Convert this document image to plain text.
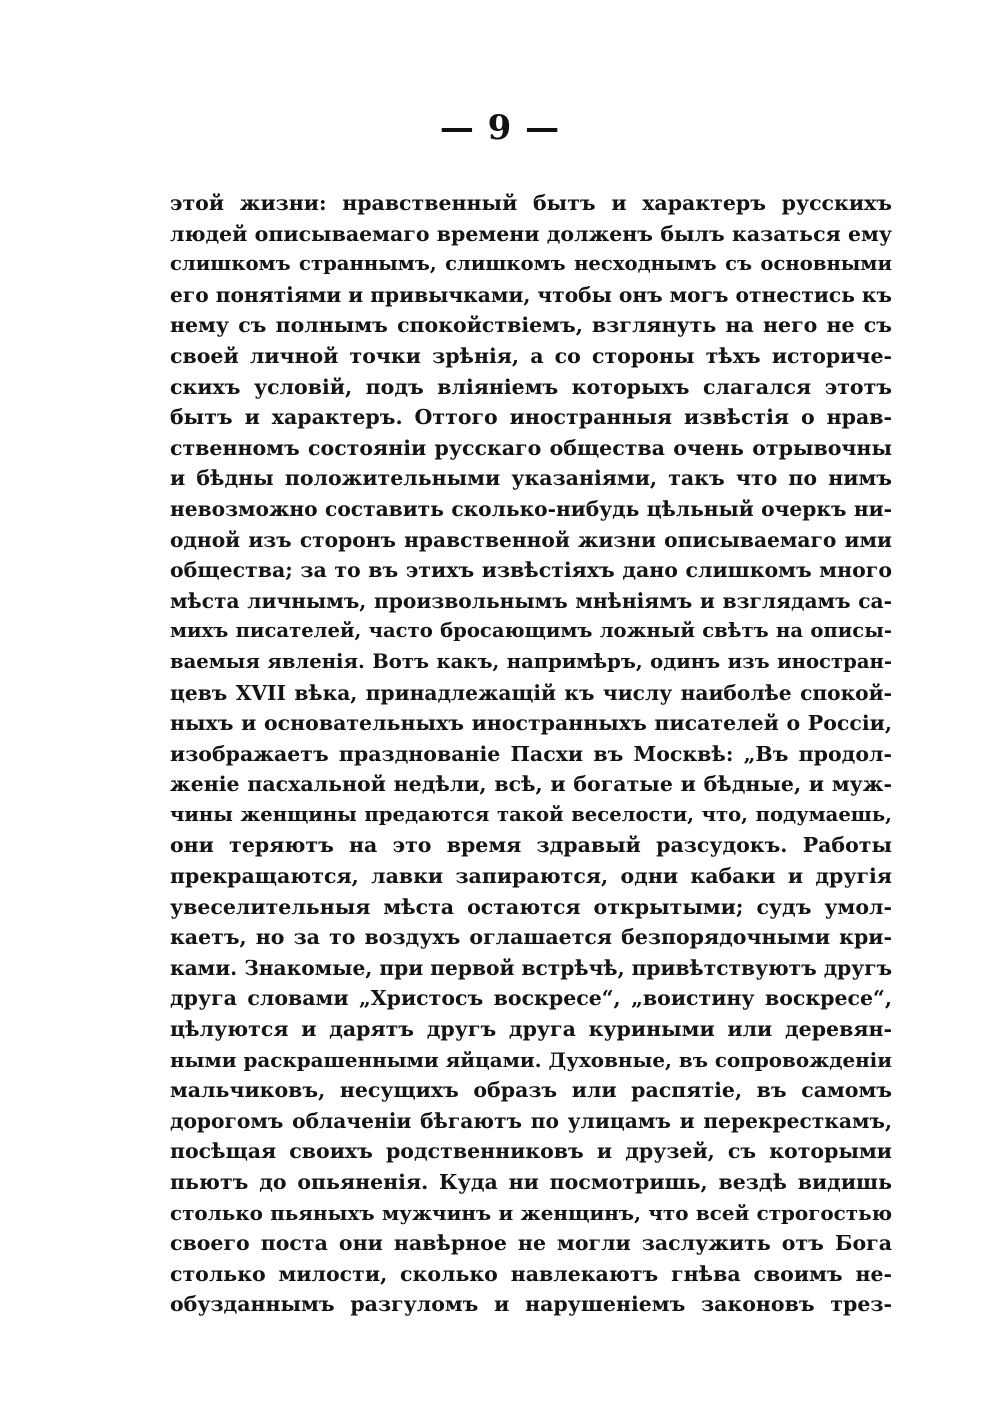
— 9 —
этой жизни: нравственный бытъ и характеръ русскихъ
людей описываемаго времени долженъ былъ казаться ему
слишкомъ страннымъ, слишкомъ несходнымъ съ основными
его понятіями и привычками, чтобы онъ могъ отнестись къ
нему съ полнымъ спокойствіемъ, взглянуть на него не съ
своей личной точки зрѣнія, а со стороны тѣхъ историче-
скихъ условій, подъ вліяніемъ которыхъ слагался этотъ
бытъ и характеръ. Оттого иностранныя извѣстія о нрав-
ственномъ состояніи русскаго общества очень отрывочны
и бѣдны положительными указаніями, такъ что по нимъ
невозможно составить сколько-нибудь цѣльный очеркъ ни-
одной изъ сторонъ нравственной жизни описываемаго ими
общества; за то въ этихъ извѣстіяхъ дано слишкомъ много
мѣста личнымъ, произвольнымъ мнѣніямъ и взглядамъ са-
михъ писателей, часто бросающимъ ложный свѣтъ на описы-
ваемыя явленія. Вотъ какъ, напримѣръ, одинъ изъ иностран-
цевъ XVII вѣка, принадлежащій къ числу наиболѣе спокой-
ныхъ и основательныхъ иностранныхъ писателей о Россіи,
изображаетъ празднованіе Пасхи въ Москвѣ: „Въ продол-
женіе пасхальной недѣли, всѣ, и богатые и бѣдные, и муж-
чины женщины предаются такой веселости, что, подумаешь,
они теряютъ на это время здравый разсудокъ. Работы
прекращаются, лавки запираются, одни кабаки и другія
увеселительныя мѣста остаются открытыми; судъ умол-
каетъ, но за то воздухъ оглашается безпорядочными кри-
ками. Знакомые, при первой встрѣчѣ, привѣтствуютъ другъ
друга словами „Христосъ воскресе“, „воистину воскресе“,
цѣлуются и дарятъ другъ друга куриными или деревян-
ными раскрашенными яйцами. Духовные, въ сопровожденіи
мальчиковъ, несущихъ образъ или распятіе, въ самомъ
дорогомъ облаченіи бѣгаютъ по улицамъ и перекресткамъ,
посѣщая своихъ родственниковъ и друзей, съ которыми
пьютъ до опьяненія. Куда ни посмотришь, вездѣ видишь
столько пьяныхъ мужчинъ и женщинъ, что всей строгостью
своего поста они навѣрное не могли заслужить отъ Бога
столько милости, сколько навлекаютъ гнѣва своимъ не-
обузданнымъ разгуломъ и нарушеніемъ законовъ трез-
